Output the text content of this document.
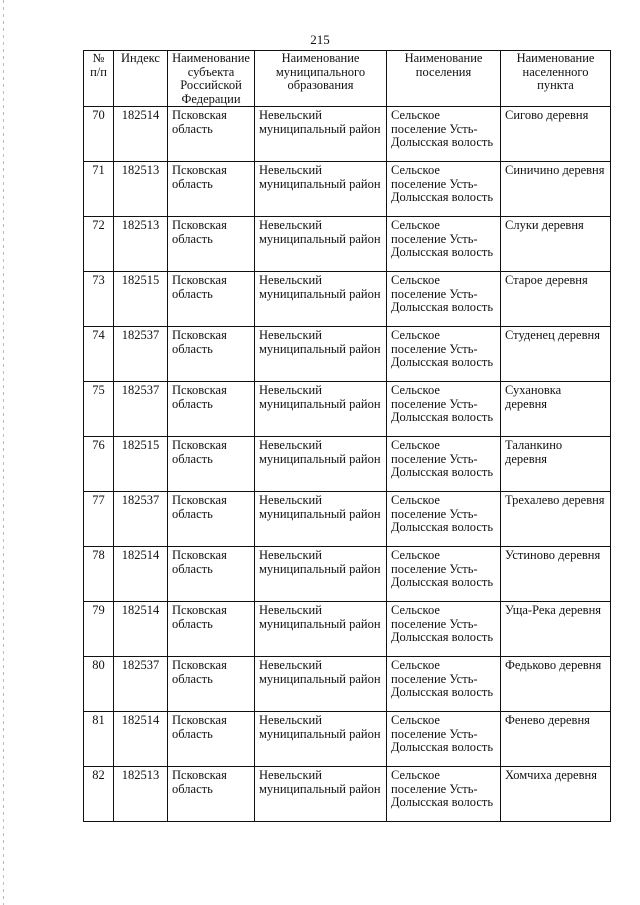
215
№ п/п	Индекс	Наименование субъекта Российской Федерации	Наименование муниципального образования	Наименование поселения	Наименование населенного пункта
70	182514	Псковская область	Невельский муниципальный район	Сельское поселение Усть-Долысская волость	Сигово деревня
71	182513	Псковская область	Невельский муниципальный район	Сельское поселение Усть-Долысская волость	Синичино деревня
72	182513	Псковская область	Невельский муниципальный район	Сельское поселение Усть-Долысская волость	Слуки деревня
73	182515	Псковская область	Невельский муниципальный район	Сельское поселение Усть-Долысская волость	Старое деревня
74	182537	Псковская область	Невельский муниципальный район	Сельское поселение Усть-Долысская волость	Студенец деревня
75	182537	Псковская область	Невельский муниципальный район	Сельское поселение Усть-Долысская волость	Сухановка деревня
76	182515	Псковская область	Невельский муниципальный район	Сельское поселение Усть-Долысская волость	Таланкино деревня
77	182537	Псковская область	Невельский муниципальный район	Сельское поселение Усть-Долысская волость	Трехалево деревня
78	182514	Псковская область	Невельский муниципальный район	Сельское поселение Усть-Долысская волость	Устиново деревня
79	182514	Псковская область	Невельский муниципальный район	Сельское поселение Усть-Долысская волость	Уща-Река деревня
80	182537	Псковская область	Невельский муниципальный район	Сельское поселение Усть-Долысская волость	Федьково деревня
81	182514	Псковская область	Невельский муниципальный район	Сельское поселение Усть-Долысская волость	Фенево деревня
82	182513	Псковская область	Невельский муниципальный район	Сельское поселение Усть-Долысская волость	Хомчиха деревня
